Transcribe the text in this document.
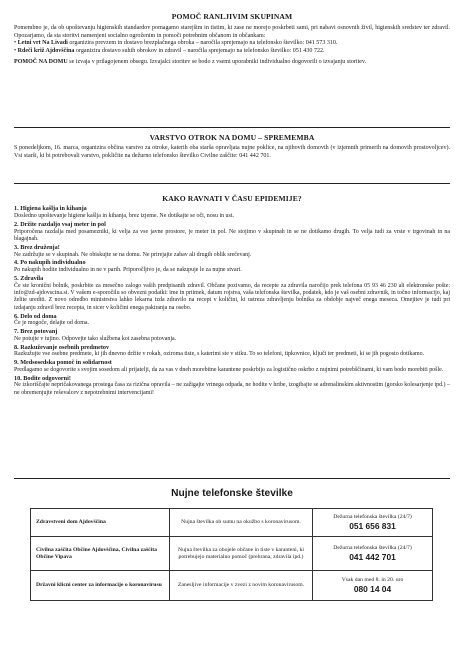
POMOČ RANLJIVIM SKUPINAM

Pomembno je, da ob upoštevanju higienskih standardov pomagamo starejšim in tistim, ki zase ne morejo poskrbeti sami, pri nabavi osnovnih živil, higienskih sredstev ter zdravil. Opozarjamo, da sta storitvi namenjeni socialno ogroženim in pomoči potrebnim občanom in občankam:

• Letni vrt Na Livadi organizira prevzem in dostavo brezplačnega obroka – naročila sprejemajo na telefonsko številko: 041 573 310.

• Rdeči križ Ajdovščina organizira dostavo suhih obrokov in zdravil – naročila sprejemajo na telefonsko številko: 051 430 722.

POMOČ NA DOMU se izvaja v prilagojenem obsegu. Izvajalci storitev se bodo z vsemi uporabniki individualno dogovorili o izvajanju storitev.

VARSTVO OTROK NA DOMU – SPREMEMBA

S ponedeljkom, 16. marca, organizira občina varstvo za otroke, katerih oba starša opravljata nujne poklice, na njihovih domovih (v izjemnih primerih na domovih prostovoljcev). Vsi starši, ki bi potrebovali varstvo, pokličite na dežurno telefonsko številko Civilne zaščite: 041 442 701.

KAKO RAVNATI V ČASU EPIDEMIJE?
1. Higiena kašlja in kihanja
Dosledno upoštevanje higiene kašlja in kihanja, brez izjeme. Ne dotikajte se oči, nosu in ust.
2. Držite razdaljo vsaj meter in pol
Priporočena razdalja med posamezniki, ki velja za vse javne prostore, je meter in pol. Ne stojimo v skupinah in se ne dotikamo drugih. To velja tudi za vrste v trgovinah in na blagajnah.
3. Brez druženja!
Ne zadržujte se v skupinah. Ne obiskujte se na domu. Ne prirejajte zabav ali drugih oblik srečevanj.
4. Po nakupih individualno
Po nakupih hodite individualno in ne v parih. Priporočljivo je, da se nakupuje le za nujne stvari.
5. Zdravila
Če ste kronični bolnik, poskrbite za mesečno zalogo vaših predpisanih zdravil. Občane pozivamo, da recepte za zdravila naročijo prek telefona 05 93 46 230 ali elektronske pošte: info@zd-ajdovscina.si. V vašem e-sporočilu so obvezni podatki: ime in priimek, datum rojstva, vaša telefonska številka, podatek, kdo je vaš osebni zdravnik, in točno informacijo, kaj želite urediti. Z novo odredbo ministrstva lahko lekarna izda zdravilo na recept v količini, ki ustreza zdravljenju bolnika za obdobje največ enega meseca. Omejitev je tudi pri izdajanju zdravil brez recepta, in sicer v količini enega pakiranja na osebo.
6. Delo od doma
Če je mogoče, delajte od doma.
7. Brez potovanj
Ne potujte v tujino. Odpovejte tako službena kot zasebna potovanja.
8. Razkuževanje osebnih predmetov
Razkužujte vse osebne predmete, ki jih dnevno držite v rokah, oziroma tiste, s katerimi ste v stiku. To so telefoni, tipkovnice, ključi ter predmeti, ki se jih pogosto dotikamo.
9. Medsosedska pomoč in solidarnost
Predlagamo se dogovorite s svojim sosedom ali prijatelji, da za vas v dneh morebitne karantene poskrbijo za logistično oskrbo z nujnimi potrebščinami, ki vam bodo morebiti pošle.
10. Bodite odgovorni!
Ne izkoriščajte nepričakovanega prostega časa za rizična opravila – ne zažigajte vrtnega odpada, ne hodite v hribe, izogibajte se adrenalinskim aktivnostim (gorsko kolesarjenje ipd.) – ne obremenjujte reševalcev z nepotrebnimi intervencijami!
Nujne telefonske številke
Zdravstveni dom Ajdovščina	Nujna številka ob sumu na okužbo s koronavirusom.	Dežurna telefonska številka (24/7)
051 656 831

Civilna zaščita Občine Ajdovščina, Civilna zaščita Občine Vipava	Nujna številka za obojele občane in tiste v karanteni, ki potrebujejo materialno pomoč (prehrana, zdravila ipd.)	Dežurna telefonska številka (24/7)
041 442 701

Državni klicni center za informacije o koronavirusu	Zanesljive informacije v zvezi z novim koronavirusom.	Vsak dan med 8. in 20. uro
080 14 04
